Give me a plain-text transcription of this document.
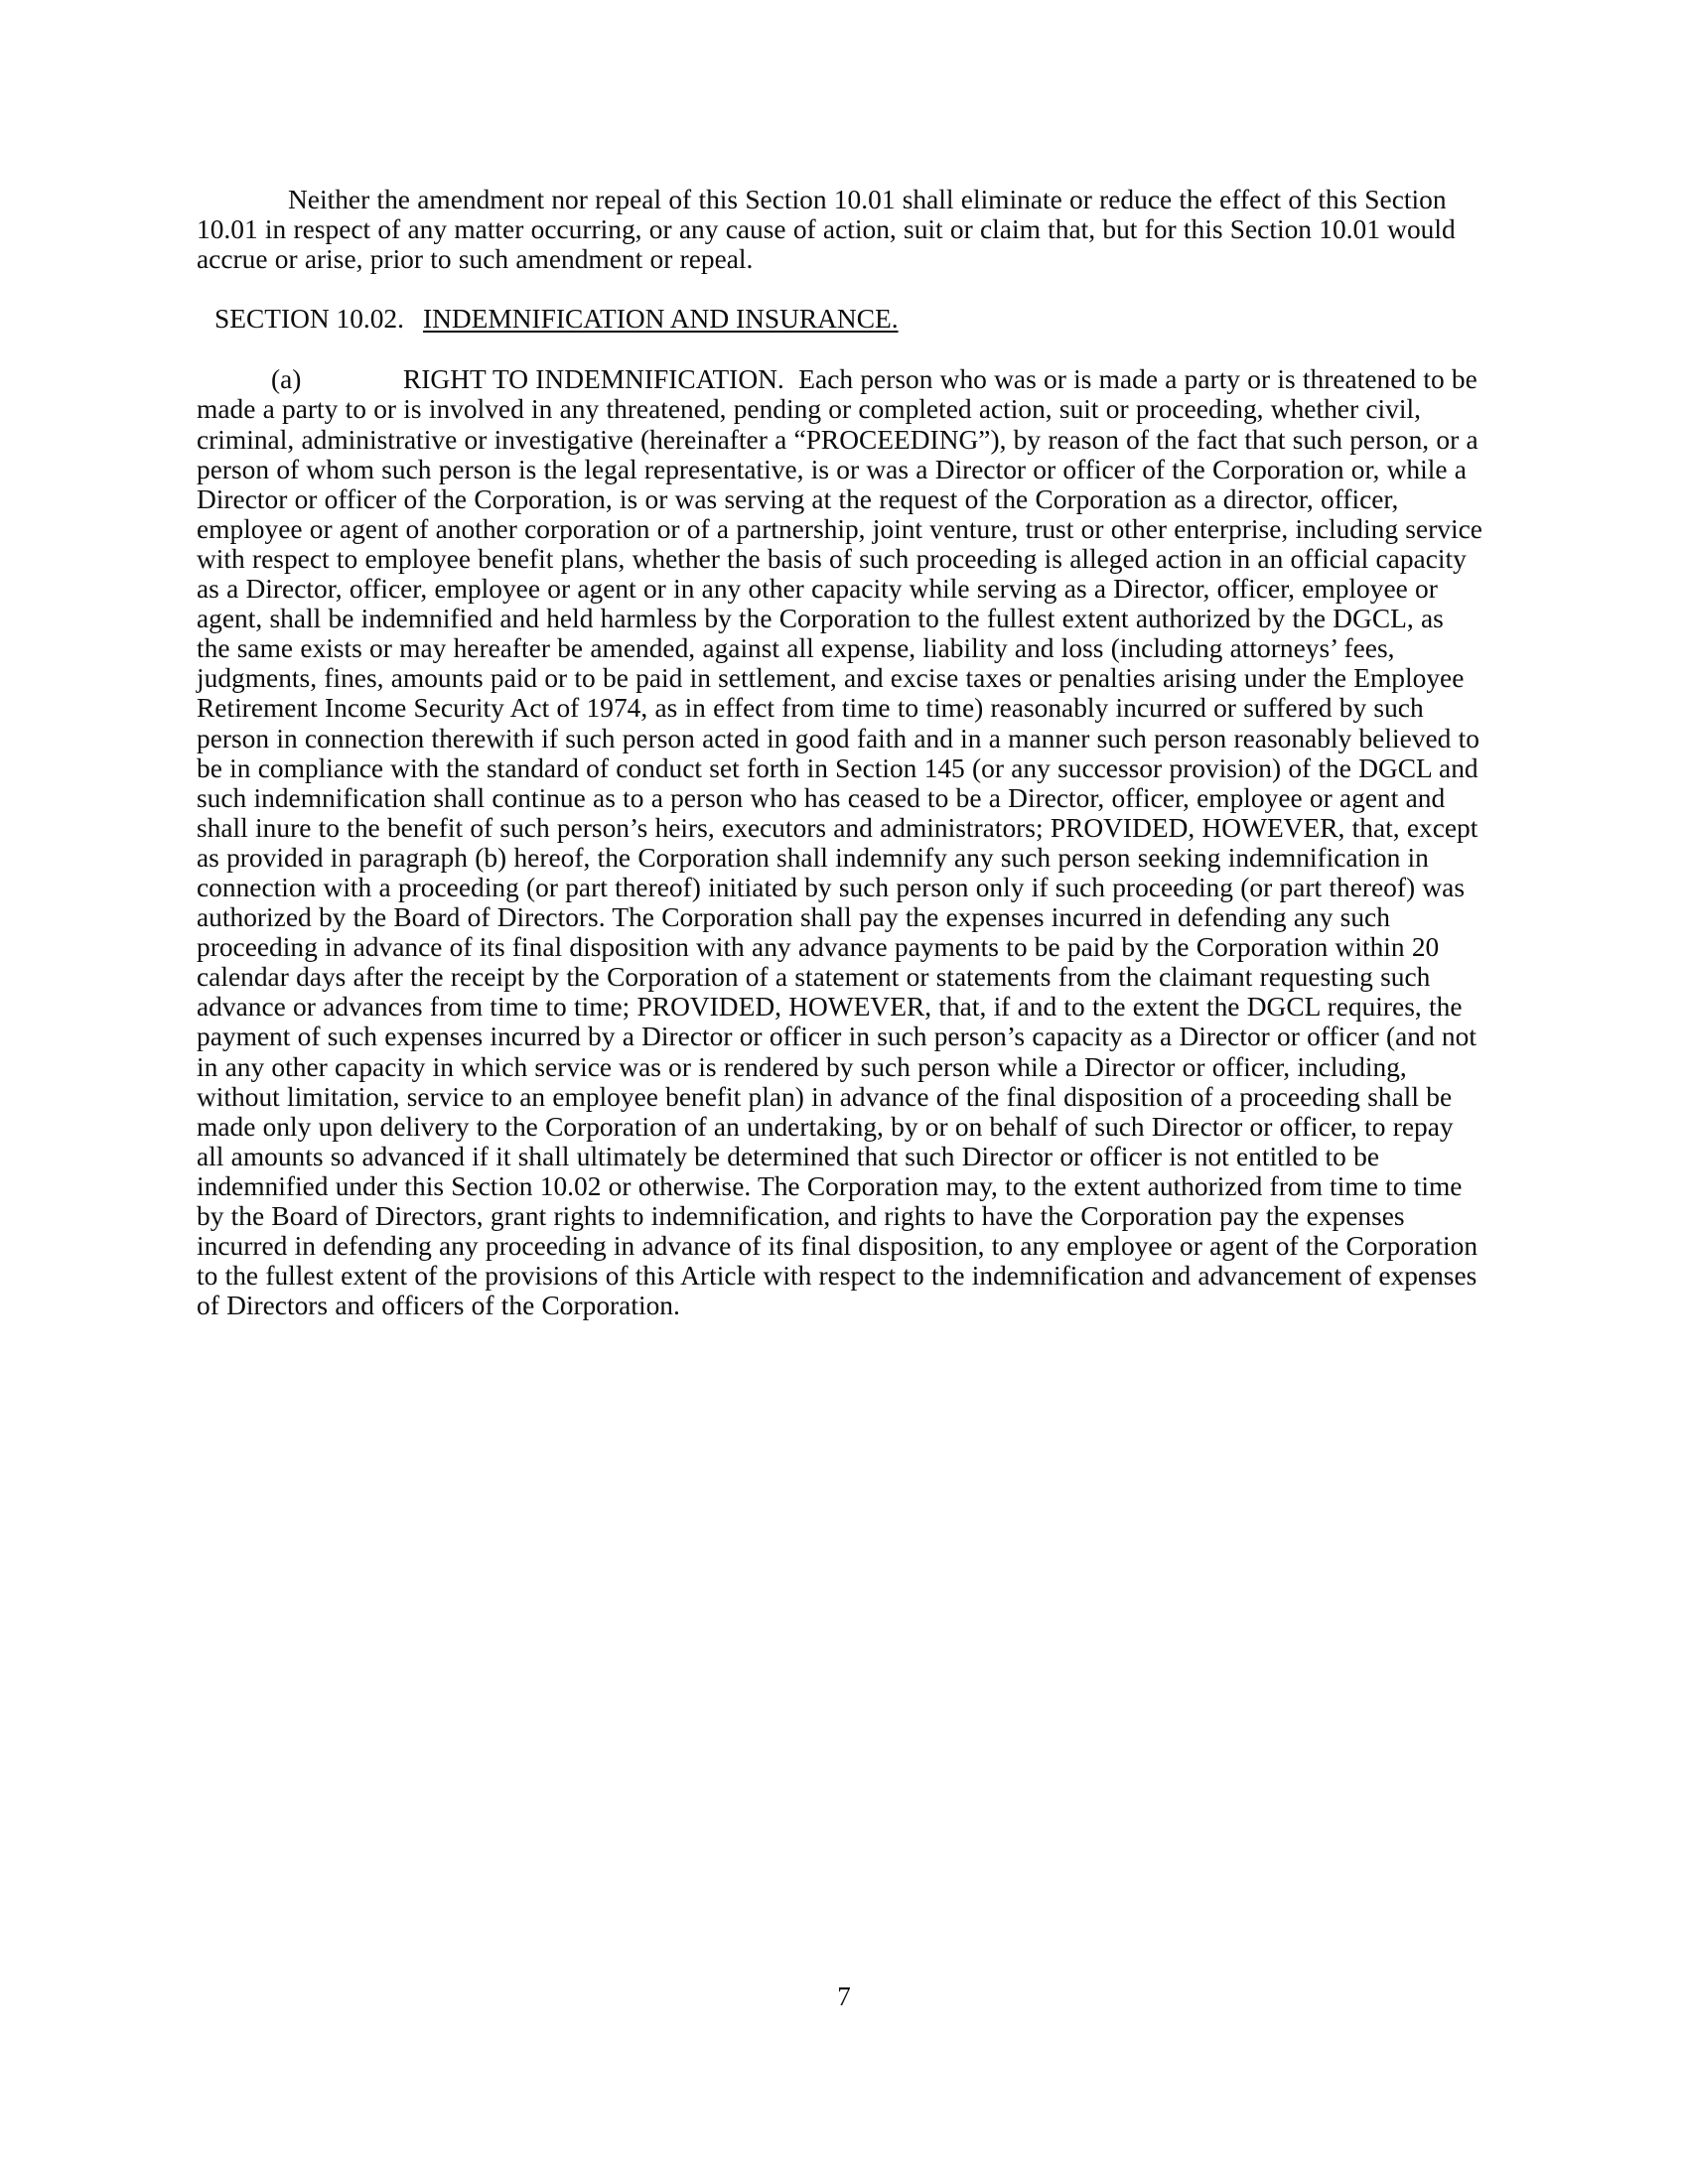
Neither the amendment nor repeal of this Section 10.01 shall eliminate or reduce the effect of this Section 10.01 in respect of any matter occurring, or any cause of action, suit or claim that, but for this Section 10.01 would accrue or arise, prior to such amendment or repeal.

SECTION 10.02. INDEMNIFICATION AND INSURANCE.

(a)	RIGHT TO INDEMNIFICATION. Each person who was or is made a party or is threatened to be made a party to or is involved in any threatened, pending or completed action, suit or proceeding, whether civil, criminal, administrative or investigative (hereinafter a “PROCEEDING”), by reason of the fact that such person, or a person of whom such person is the legal representative, is or was a Director or officer of the Corporation or, while a Director or officer of the Corporation, is or was serving at the request of the Corporation as a director, officer, employee or agent of another corporation or of a partnership, joint venture, trust or other enterprise, including service with respect to employee benefit plans, whether the basis of such proceeding is alleged action in an official capacity as a Director, officer, employee or agent or in any other capacity while serving as a Director, officer, employee or agent, shall be indemnified and held harmless by the Corporation to the fullest extent authorized by the DGCL, as the same exists or may hereafter be amended, against all expense, liability and loss (including attorneys’ fees, judgments, fines, amounts paid or to be paid in settlement, and excise taxes or penalties arising under the Employee Retirement Income Security Act of 1974, as in effect from time to time) reasonably incurred or suffered by such person in connection therewith if such person acted in good faith and in a manner such person reasonably believed to be in compliance with the standard of conduct set forth in Section 145 (or any successor provision) of the DGCL and such indemnification shall continue as to a person who has ceased to be a Director, officer, employee or agent and shall inure to the benefit of such person’s heirs, executors and administrators; PROVIDED, HOWEVER, that, except as provided in paragraph (b) hereof, the Corporation shall indemnify any such person seeking indemnification in connection with a proceeding (or part thereof) initiated by such person only if such proceeding (or part thereof) was authorized by the Board of Directors. The Corporation shall pay the expenses incurred in defending any such proceeding in advance of its final disposition with any advance payments to be paid by the Corporation within 20 calendar days after the receipt by the Corporation of a statement or statements from the claimant requesting such advance or advances from time to time; PROVIDED, HOWEVER, that, if and to the extent the DGCL requires, the payment of such expenses incurred by a Director or officer in such person’s capacity as a Director or officer (and not in any other capacity in which service was or is rendered by such person while a Director or officer, including, without limitation, service to an employee benefit plan) in advance of the final disposition of a proceeding shall be made only upon delivery to the Corporation of an undertaking, by or on behalf of such Director or officer, to repay all amounts so advanced if it shall ultimately be determined that such Director or officer is not entitled to be indemnified under this Section 10.02 or otherwise. The Corporation may, to the extent authorized from time to time by the Board of Directors, grant rights to indemnification, and rights to have the Corporation pay the expenses incurred in defending any proceeding in advance of its final disposition, to any employee or agent of the Corporation to the fullest extent of the provisions of this Article with respect to the indemnification and advancement of expenses of Directors and officers of the Corporation.

7
